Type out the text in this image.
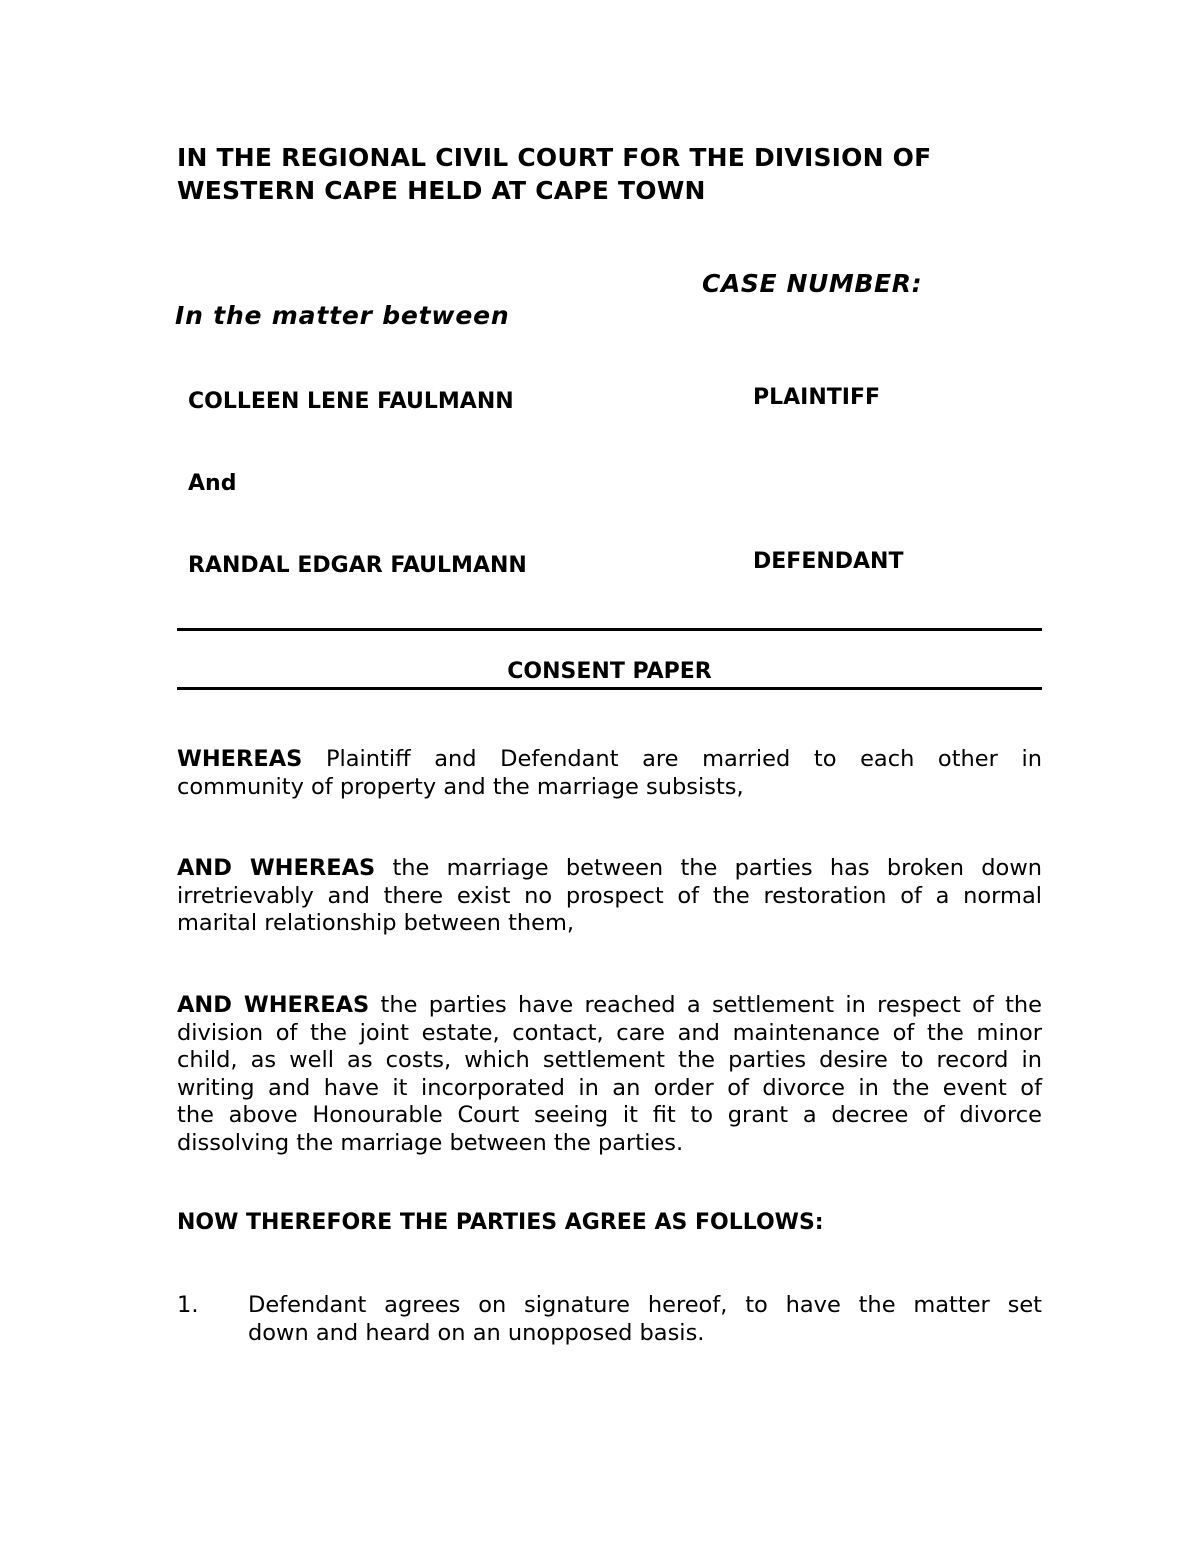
IN THE REGIONAL CIVIL COURT FOR THE DIVISION OF
WESTERN CAPE HELD AT CAPE TOWN
CASE NUMBER:
In the matter between
COLLEEN LENE FAULMANN	PLAINTIFF
And
RANDAL EDGAR FAULMANN	DEFENDANT
CONSENT PAPER
WHEREAS Plaintiff and Defendant are married to each other in
community of property and the marriage subsists,
AND WHEREAS the marriage between the parties has broken down
irretrievably and there exist no prospect of the restoration of a normal
marital relationship between them,
AND WHEREAS the parties have reached a settlement in respect of the
division of the joint estate, contact, care and maintenance of the minor
child, as well as costs, which settlement the parties desire to record in
writing and have it incorporated in an order of divorce in the event of
the above Honourable Court seeing it fit to grant a decree of divorce
dissolving the marriage between the parties.
NOW THEREFORE THE PARTIES AGREE AS FOLLOWS:
1. Defendant agrees on signature hereof, to have the matter set
down and heard on an unopposed basis.
